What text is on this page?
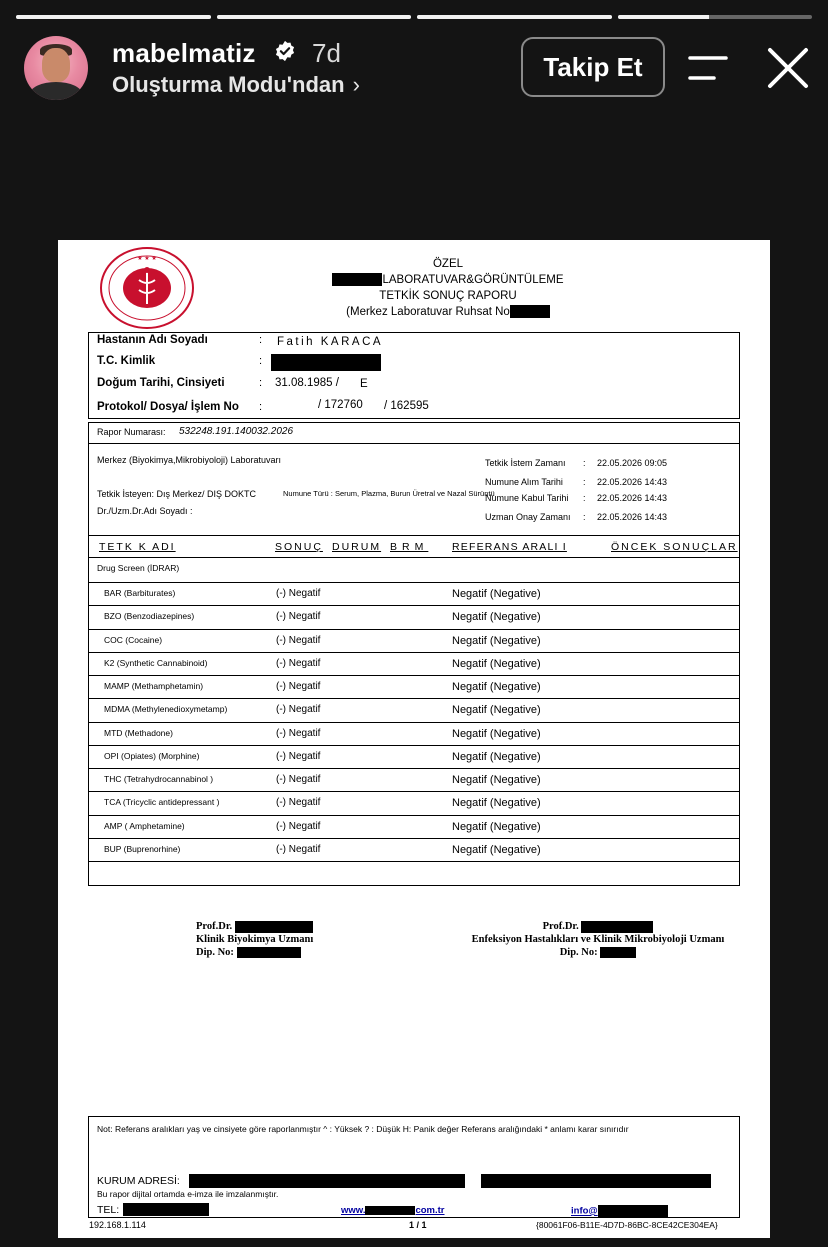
mabelmatiz 7d
Oluşturma Modu'ndan ›
Takip Et
★ ★ ★	ÖZEL
LABORATUVAR&GÖRÜNTÜLEME
TETKİK SONUÇ RAPORU
(Merkez Laboratuvar Ruhsat No
Hastanın Adı Soyadı	: Fatih KARACA
T.C. Kimlik	:
Doğum Tarihi, Cinsiyeti	: 31.08.1985 / E
Protokol/ Dosya/ İşlem No :	/ 172760 / 162595
Rapor Numarası: 532248.191.140032.2026
Merkez (Biyokimya,Mikrobiyoloji) Laboratuvarı
Tetkik İsteyen: Dış Merkez/ DIŞ DOKTC	Numune Türü : Serum, Plazma, Burun Üretral ve Nazal Sürüntü
Dr./Uzm.Dr.Adı Soyadı :
Tetkik İstem Zamanı : 22.05.2026 09:05
Numune Alım Tarihi : 22.05.2026 14:43
Numune Kabul Tarihi : 22.05.2026 14:43
Uzman Onay Zamanı : 22.05.2026 14:43
TETK K ADI	SONUÇ DURUM BRM REFERANS ARALI I	ÖNCEK SONUÇLAR
Drug Screen (İDRAR)
BAR (Barbiturates)	(-) Negatif	Negatif (Negative)
BZO (Benzodiazepines)	(-) Negatif	Negatif (Negative)
COC (Cocaine)	(-) Negatif	Negatif (Negative)
K2 (Synthetic Cannabinoid)	(-) Negatif	Negatif (Negative)
MAMP (Methamphetamin)	(-) Negatif	Negatif (Negative)
MDMA (Methylenedioxymetamp)	(-) Negatif	Negatif (Negative)
MTD (Methadone)	(-) Negatif	Negatif (Negative)
OPI (Opiates) (Morphine)	(-) Negatif	Negatif (Negative)
THC (Tetrahydrocannabinol )	(-) Negatif	Negatif (Negative)
TCA (Tricyclic antidepressant )	(-) Negatif	Negatif (Negative)
AMP ( Amphetamine)	(-) Negatif	Negatif (Negative)
BUP (Buprenorhine)	(-) Negatif	Negatif (Negative)
Prof.Dr.
Klinik Biyokimya Uzmanı
Dip. No:
Prof.Dr.
Enfeksiyon Hastalıkları ve Klinik Mikrobiyoloji Uzmanı
Dip. No:
Not: Referans aralıkları yaş ve cinsiyete göre raporlanmıştır ^ : Yüksek ? : Düşük H: Panik değer Referans aralığındaki * anlamı karar sınırıdır
KURUM ADRESİ:
Bu rapor dijital ortamda e-imza ile imzalanmıştır.
TEL:	www.	com.tr	info@
192.168.1.114	1 / 1	{80061F06-B11E-4D7D-86BC-8CE42CE304EA}
